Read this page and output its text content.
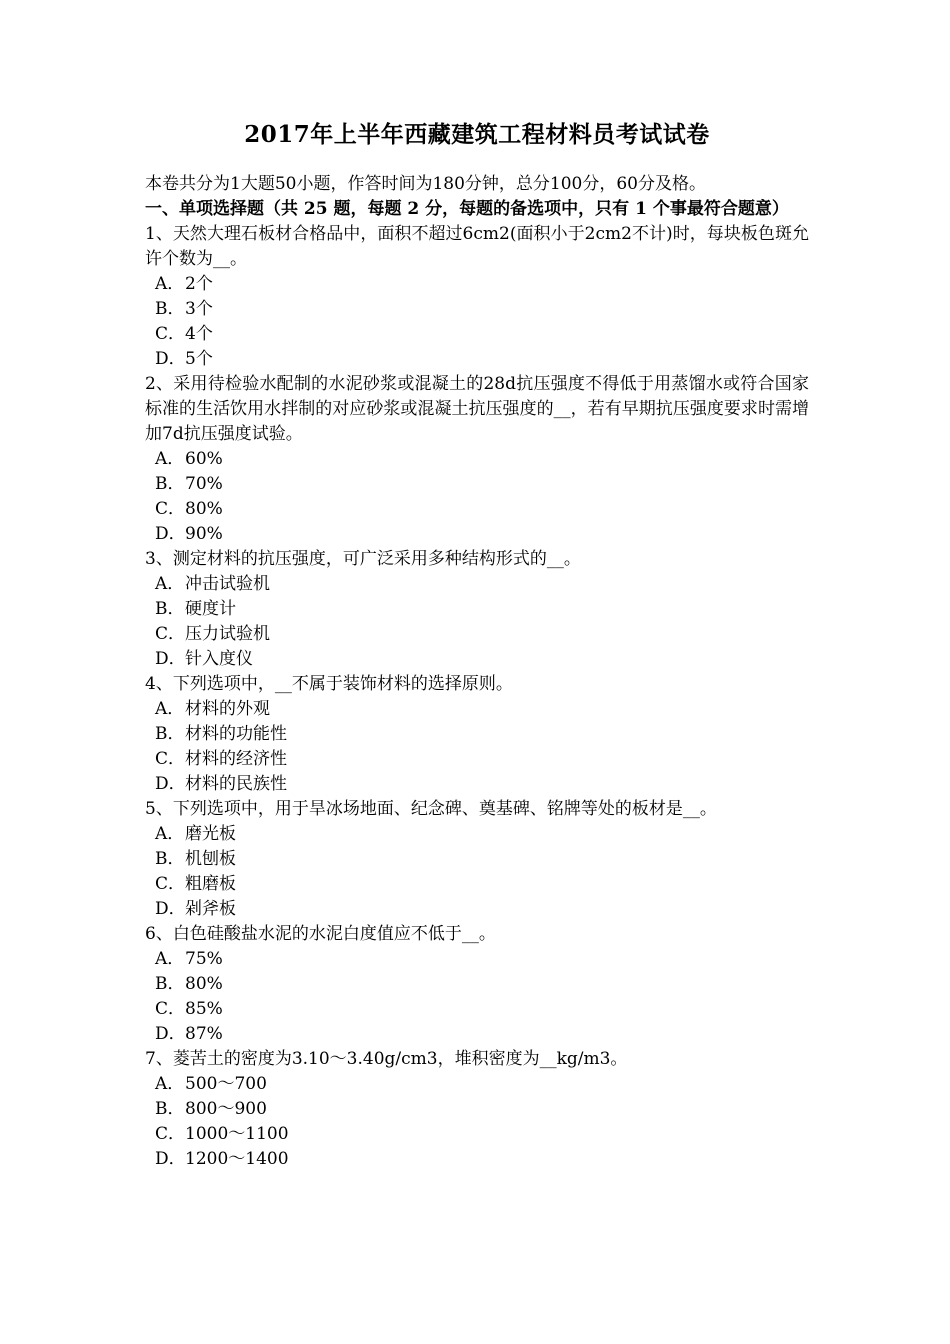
2017年上半年西藏建筑工程材料员考试试卷

本卷共分为1大题50小题，作答时间为180分钟，总分100分，60分及格。

一、单项选择题（共 25 题，每题 2 分，每题的备选项中，只有 1 个事最符合题意）

1、天然大理石板材合格品中，面积不超过6cm2(面积小于2cm2不计)时，每块板色斑允许个数为__。

A．2个

B．3个

C．4个

D．5个

2、采用待检验水配制的水泥砂浆或混凝土的28d抗压强度不得低于用蒸馏水或符合国家标准的生活饮用水拌制的对应砂浆或混凝土抗压强度的__，若有早期抗压强度要求时需增加7d抗压强度试验。

A．60%

B．70%

C．80%

D．90%

3、测定材料的抗压强度，可广泛采用多种结构形式的__。

A．冲击试验机

B．硬度计

C．压力试验机

D．针入度仪

4、下列选项中，__不属于装饰材料的选择原则。

A．材料的外观

B．材料的功能性

C．材料的经济性

D．材料的民族性

5、下列选项中，用于旱冰场地面、纪念碑、奠基碑、铭牌等处的板材是__。

A．磨光板

B．机刨板

C．粗磨板

D．剁斧板

6、白色硅酸盐水泥的水泥白度值应不低于__。

A．75%

B．80%

C．85%

D．87%

7、菱苦土的密度为3.10～3.40g/cm3，堆积密度为__kg/m3。

A．500～700

B．800～900

C．1000～1100

D．1200～1400
